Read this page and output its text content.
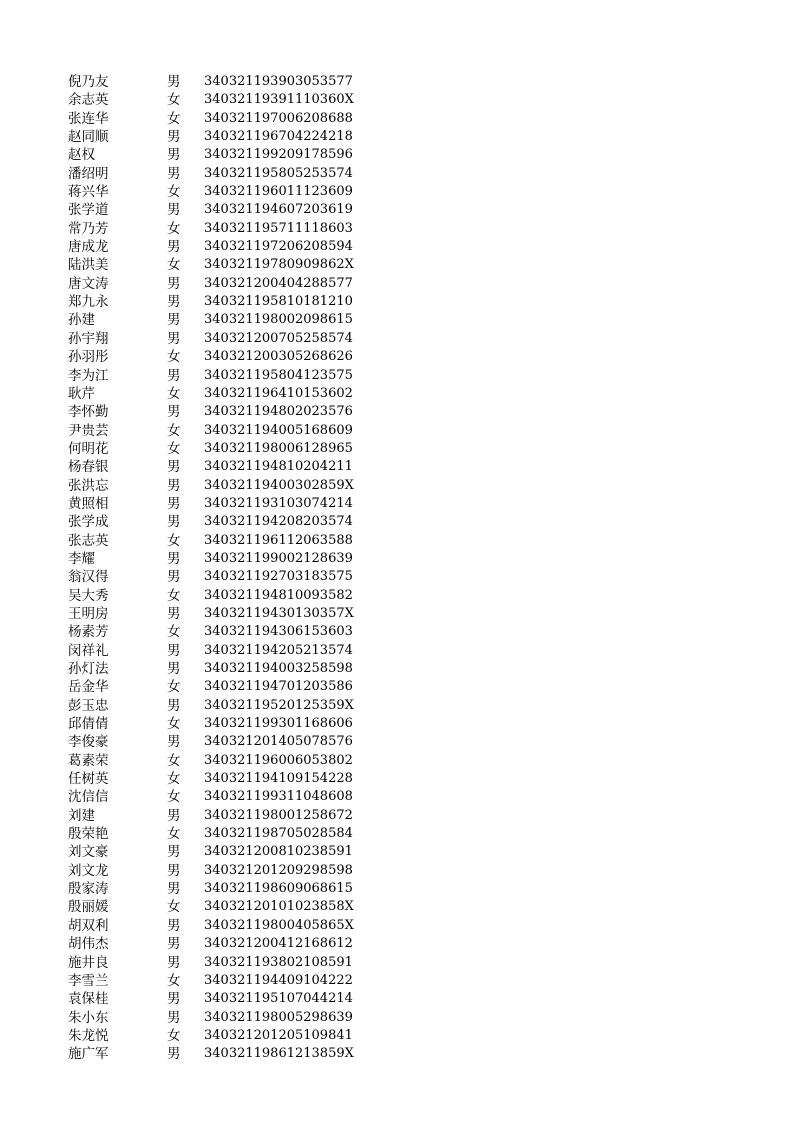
倪乃友	男 340321193903053577
余志英	女 34032119391110360X
张连华	女 340321197006208688
赵同顺	男 340321196704224218
赵权	男 340321199209178596
潘绍明	男 340321195805253574
蒋兴华	女 340321196011123609
张学道	男 340321194607203619
常乃芳	女 340321195711118603
唐成龙	男 340321197206208594
陆洪美	女 34032119780909862X
唐文涛	男 340321200404288577
郑九永	男 340321195810181210
孙建	男 340321198002098615
孙宇翔	男 340321200705258574
孙羽彤	女 340321200305268626
李为江	男 340321195804123575
耿芹	女 340321196410153602
李怀勤	男 340321194802023576
尹贵芸	女 340321194005168609
何明花	女 340321198006128965
杨春银	男 340321194810204211
张洪忘	男 34032119400302859X
黄照相	男 340321193103074214
张学成	男 340321194208203574
张志英	女 340321196112063588
李耀	男 340321199002128639
翁汉得	男 340321192703183575
吴大秀	女 340321194810093582
王明房	男 34032119430130357X
杨素芳	女 340321194306153603
闵祥礼	男 340321194205213574
孙灯法	男 340321194003258598
岳金华	女 340321194701203586
彭玉忠	男 34032119520125359X
邱倩倩	女 340321199301168606
李俊豪	男 340321201405078576
葛素荣	女 340321196006053802
任树英	女 340321194109154228
沈信信	女 340321199311048608
刘建	男 340321198001258672
殷荣艳	女 340321198705028584
刘文豪	男 340321200810238591
刘文龙	男 340321201209298598
殷家涛	男 340321198609068615
殷丽媛	女 34032120101023858X
胡双利	男 34032119800405865X
胡伟杰	男 340321200412168612
施井良	男 340321193802108591
李雪兰	女 340321194409104222
袁保桂	男 340321195107044214
朱小东	男 340321198005298639
朱龙悦	女 340321201205109841
施广军	男 34032119861213859X
